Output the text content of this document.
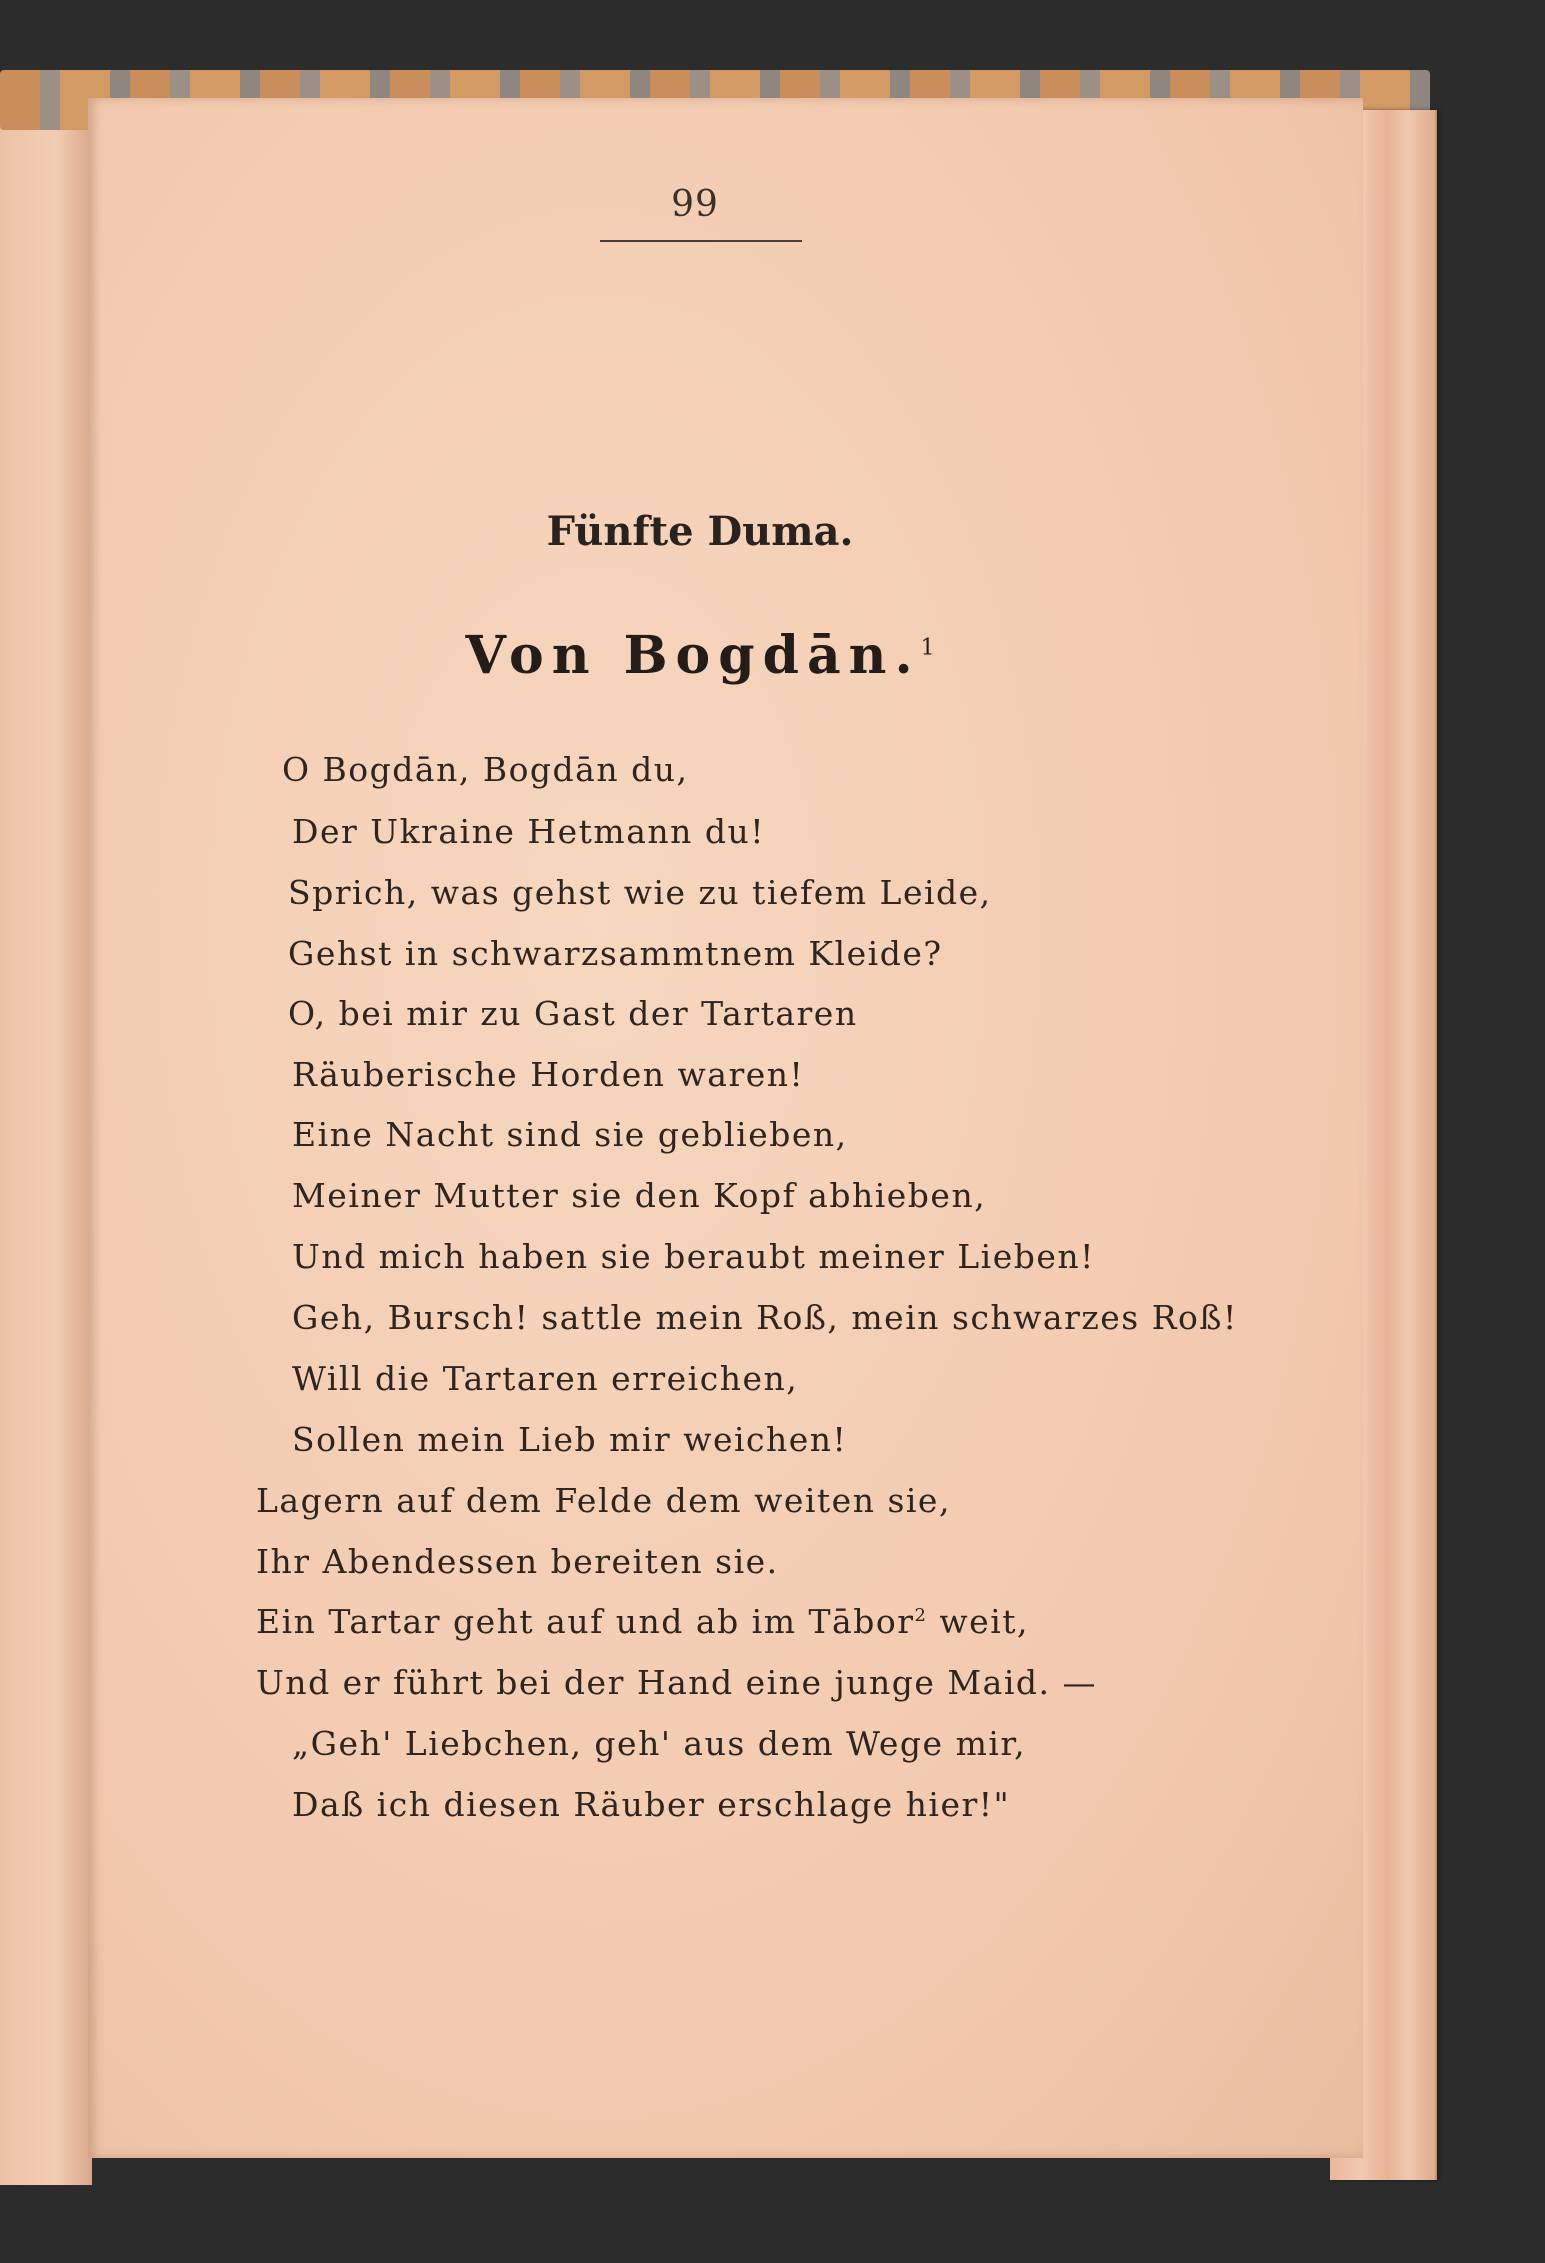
99
Fünfte Duma.
Von Bogdān.$^1$
O Bogdān, Bogdān du,
Der Ukraine Hetmann du!
Sprich, was gehst wie zu tiefem Leide,
Gehst in schwarzsammtnem Kleide?
O, bei mir zu Gast der Tartaren
Räuberische Horden waren!
Eine Nacht sind sie geblieben,
Meiner Mutter sie den Kopf abhieben,
Und mich haben sie beraubt meiner Lieben!
Geh, Bursch! sattle mein Roß, mein schwarzes Roß!
Will die Tartaren erreichen,
Sollen mein Lieb mir weichen!
Lagern auf dem Felde dem weiten sie,
Ihr Abendessen bereiten sie.
Ein Tartar geht auf und ab im Tābor$^2$ weit,
Und er führt bei der Hand eine junge Maid. —
„Geh' Liebchen, geh' aus dem Wege mir,
Daß ich diesen Räuber erschlage hier!"
